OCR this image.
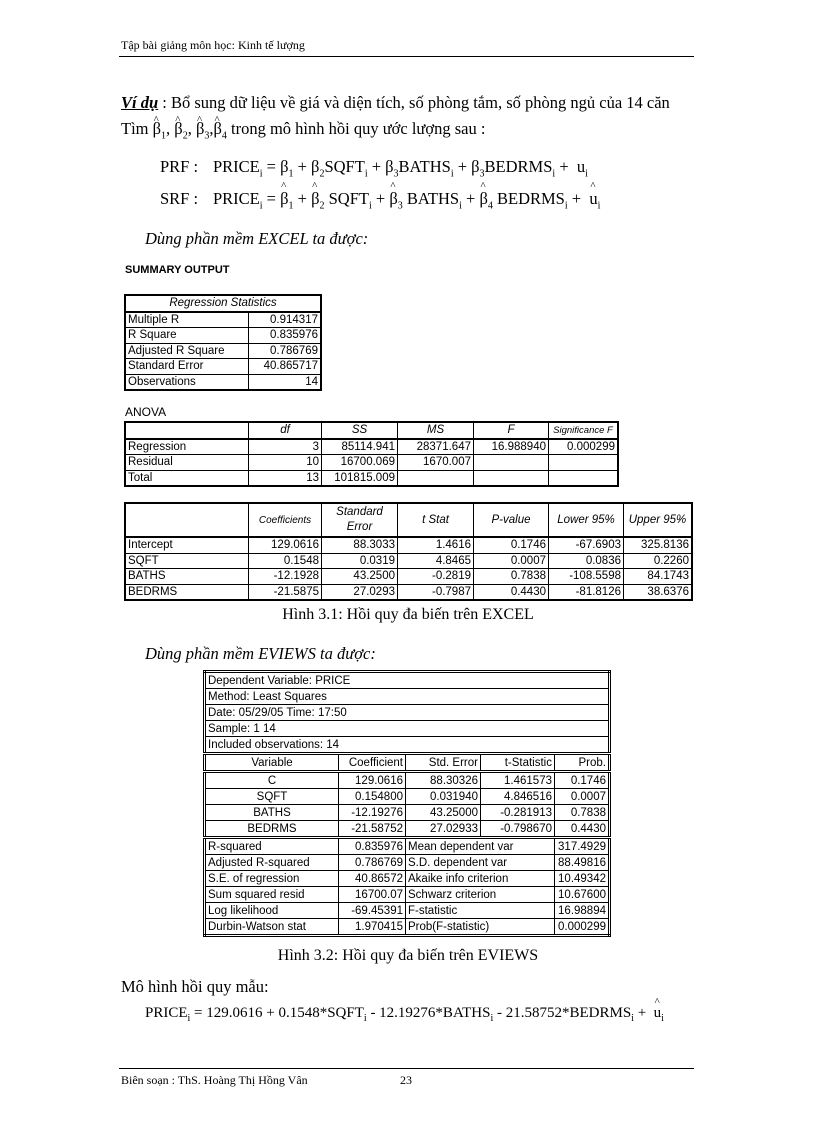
Tập bài giảng môn học: Kinh tế lượng
Ví dụ : Bổ sung dữ liệu về giá và diện tích, số phòng tắm, số phòng ngủ của 14 căn
Tìm ^ $\beta_1$, ^ $\beta_2$, ^ $\beta_3,\^{}$ $\beta_4$ trong mô hình hồi quy ước lượng sau :
PRF : $PRICE_i = \beta_1$ + $\beta_2SQFT_i$ + $\beta_3BATHS_i$ + $\beta_3BEDRMS_i + u_i$
SRF : $PRICE_i$ = ^ $\beta_1$ + ^ $\beta_2$ $SQFT_i$ + ^ $\beta_3$ $BATHS_i$ + ^ $\beta_4$ $BEDRMS_i$ +  ^ $u_i$
Dùng phần mềm EXCEL ta được:
SUMMARY OUTPUT
Regression Statistics	
Multiple R	0.914317
R Square	0.835976
Adjusted R Square	0.786769
Standard Error	40.865717
Observations	14
ANOVA
	df	SS	MS	F	Significance F
Regression	3	85114.941	28371.647	16.988940	0.000299
Residual	10	16700.069	1670.007		
Total	13	101815.009			
	Coefficients	Standard Error	t Stat	P-value	Lower 95%	Upper 95%
Intercept	129.0616	88.3033	1.4616	0.1746	-67.6903	325.8136
SQFT	0.1548	0.0319	4.8465	0.0007	0.0836	0.2260
BATHS	-12.1928	43.2500	-0.2819	0.7838	-108.5598	84.1743
BEDRMS	-21.5875	27.0293	-0.7987	0.4430	-81.8126	38.6376
Hình 3.1: Hồi quy đa biến trên EXCEL
Dùng phần mềm EVIEWS ta được:
Dependent Variable: PRICE				
Method: Least Squares				
Date: 05/29/05 Time: 17:50				
Sample: 1 14				
Included observations: 14				
Variable	Coefficient	Std. Error	t-Statistic	Prob.
C	129.0616	88.30326	1.461573	0.1746
SQFT	0.154800	0.031940	4.846516	0.0007
BATHS	-12.19276	43.25000	-0.281913	0.7838
BEDRMS	-21.58752	27.02933	-0.798670	0.4430
R-squared	0.835976	Mean dependent var		317.4929
Adjusted R-squared	0.786769	S.D. dependent var		88.49816
S.E. of regression	40.86572	Akaike info criterion		10.49342
Sum squared resid	16700.07	Schwarz criterion		10.67600
Log likelihood	-69.45391	F-statistic		16.98894
Durbin-Watson stat	1.970415	Prob(F-statistic)		0.000299
Hình 3.2: Hồi quy đa biến trên EVIEWS
Mô hình hồi quy mẫu:
$PRICE_i = 129.0616$ + $0.1548*SQFT_i$ - $12.19276*BATHS_i$ - $21.58752*BEDRMS_i$ +  ^ $u_i$
Biên soạn : ThS. Hoàng Thị Hồng Vân	23
